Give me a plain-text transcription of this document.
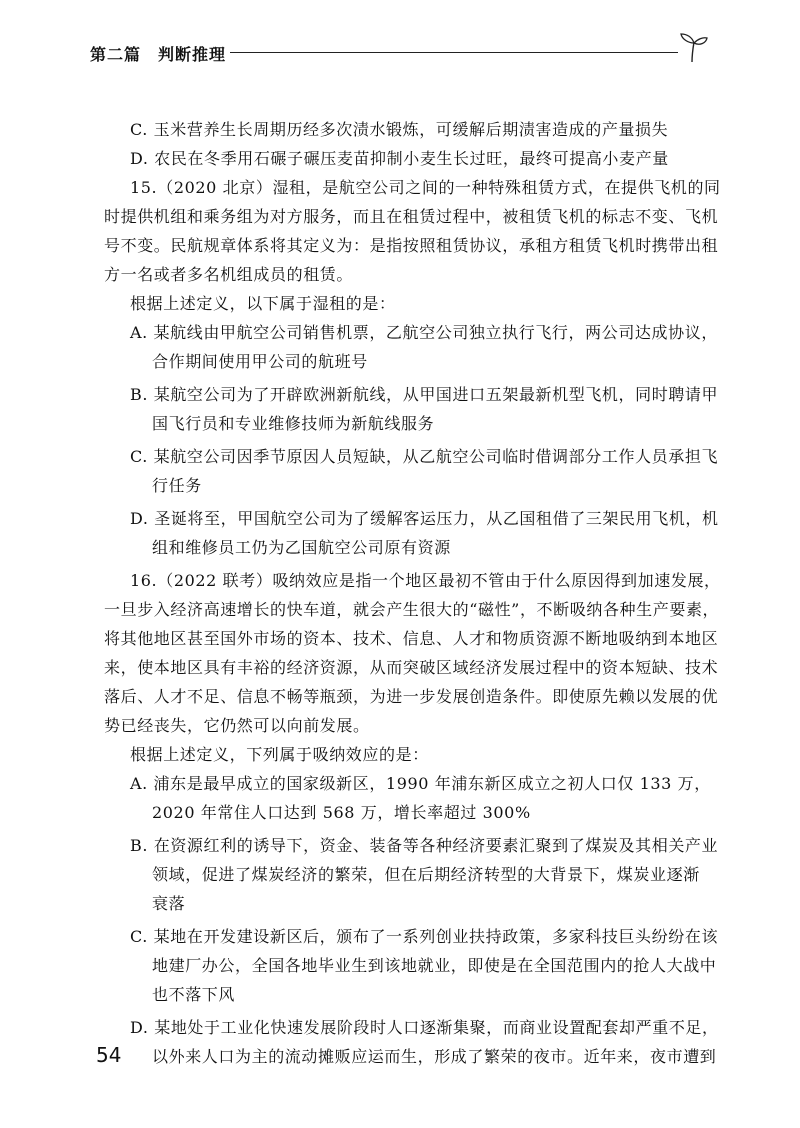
第二篇　判断推理
C. 玉米营养生长周期历经多次渍水锻炼，可缓解后期渍害造成的产量损失
D. 农民在冬季用石碾子碾压麦苗抑制小麦生长过旺，最终可提高小麦产量
15.（2020 北京）湿租，是航空公司之间的一种特殊租赁方式，在提供飞机的同
时提供机组和乘务组为对方服务，而且在租赁过程中，被租赁飞机的标志不变、飞机
号不变。民航规章体系将其定义为：是指按照租赁协议，承租方租赁飞机时携带出租
方一名或者多名机组成员的租赁。
根据上述定义，以下属于湿租的是：
A. 某航线由甲航空公司销售机票，乙航空公司独立执行飞行，两公司达成协议，
合作期间使用甲公司的航班号
B. 某航空公司为了开辟欧洲新航线，从甲国进口五架最新机型飞机，同时聘请甲
国飞行员和专业维修技师为新航线服务
C. 某航空公司因季节原因人员短缺，从乙航空公司临时借调部分工作人员承担飞
行任务
D. 圣诞将至，甲国航空公司为了缓解客运压力，从乙国租借了三架民用飞机，机
组和维修员工仍为乙国航空公司原有资源
16.（2022 联考）吸纳效应是指一个地区最初不管由于什么原因得到加速发展，
一旦步入经济高速增长的快车道，就会产生很大的“磁性”，不断吸纳各种生产要素，
将其他地区甚至国外市场的资本、技术、信息、人才和物质资源不断地吸纳到本地区
来，使本地区具有丰裕的经济资源，从而突破区域经济发展过程中的资本短缺、技术
落后、人才不足、信息不畅等瓶颈，为进一步发展创造条件。即使原先赖以发展的优
势已经丧失，它仍然可以向前发展。
根据上述定义，下列属于吸纳效应的是：
A. 浦东是最早成立的国家级新区，1990 年浦东新区成立之初人口仅 133 万，
2020 年常住人口达到 568 万，增长率超过 300%
B. 在资源红利的诱导下，资金、装备等各种经济要素汇聚到了煤炭及其相关产业
领域，促进了煤炭经济的繁荣，但在后期经济转型的大背景下，煤炭业逐渐
衰落
C. 某地在开发建设新区后，颁布了一系列创业扶持政策，多家科技巨头纷纷在该
地建厂办公，全国各地毕业生到该地就业，即使是在全国范围内的抢人大战中
也不落下风
D. 某地处于工业化快速发展阶段时人口逐渐集聚，而商业设置配套却严重不足，
以外来人口为主的流动摊贩应运而生，形成了繁荣的夜市。近年来，夜市遭到
54
